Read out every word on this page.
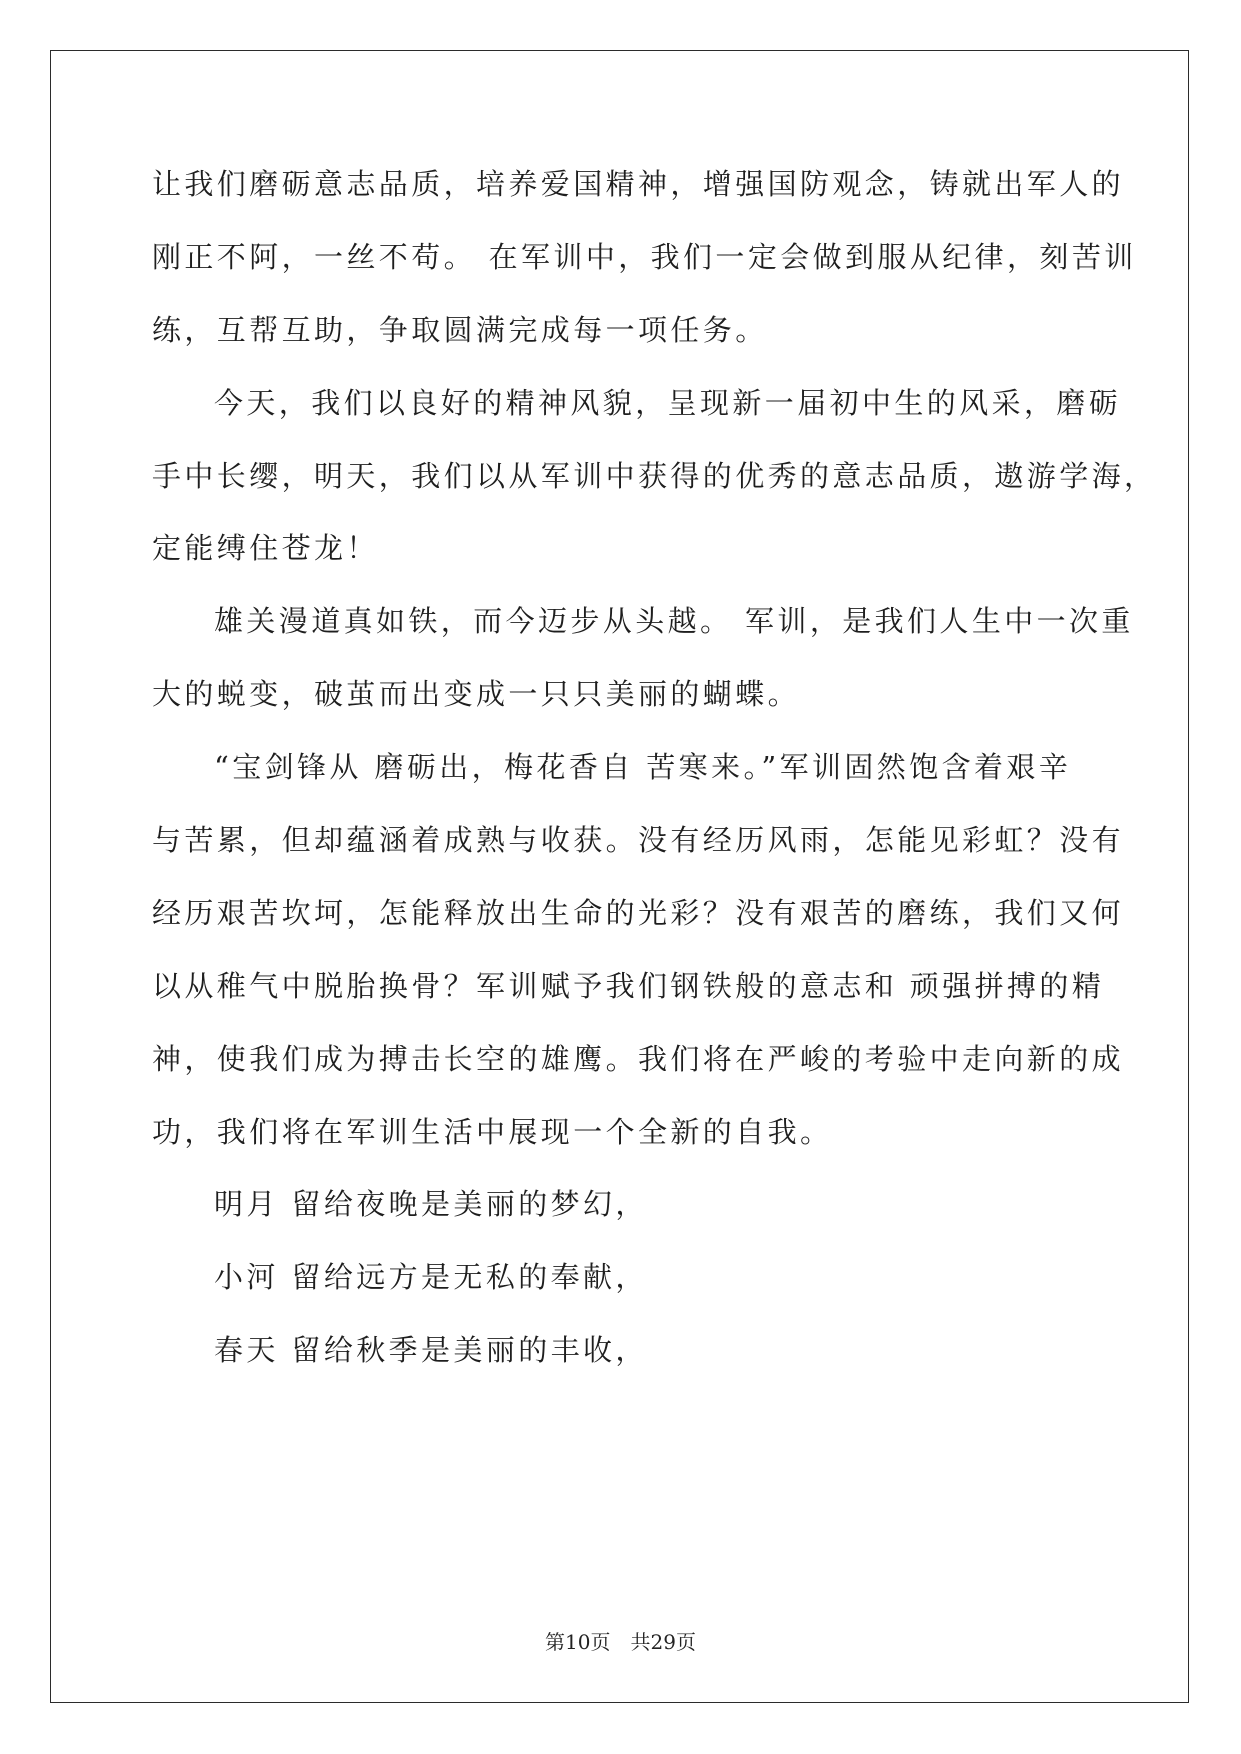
让我们磨砺意志品质，培养爱国精神，增强国防观念，铸就出军人的
刚正不阿，一丝不苟。 在军训中，我们一定会做到服从纪律，刻苦训
练，互帮互助，争取圆满完成每一项任务。
今天，我们以良好的精神风貌，呈现新一届初中生的风采，磨砺
手中长缨，明天，我们以从军训中获得的优秀的意志品质，遨游学海，
定能缚住苍龙！
雄关漫道真如铁，而今迈步从头越。 军训，是我们人生中一次重
大的蜕变，破茧而出变成一只只美丽的蝴蝶。
“宝剑锋从 磨砺出，梅花香自 苦寒来。”军训固然饱含着艰辛
与苦累，但却蕴涵着成熟与收获。没有经历风雨，怎能见彩虹？没有
经历艰苦坎坷，怎能释放出生命的光彩？没有艰苦的磨练，我们又何
以从稚气中脱胎换骨？军训赋予我们钢铁般的意志和 顽强拼搏的精
神，使我们成为搏击长空的雄鹰。我们将在严峻的考验中走向新的成
功，我们将在军训生活中展现一个全新的自我。
明月 留给夜晚是美丽的梦幻，
小河 留给远方是无私的奉献，
春天 留给秋季是美丽的丰收，
第10页　共29页
